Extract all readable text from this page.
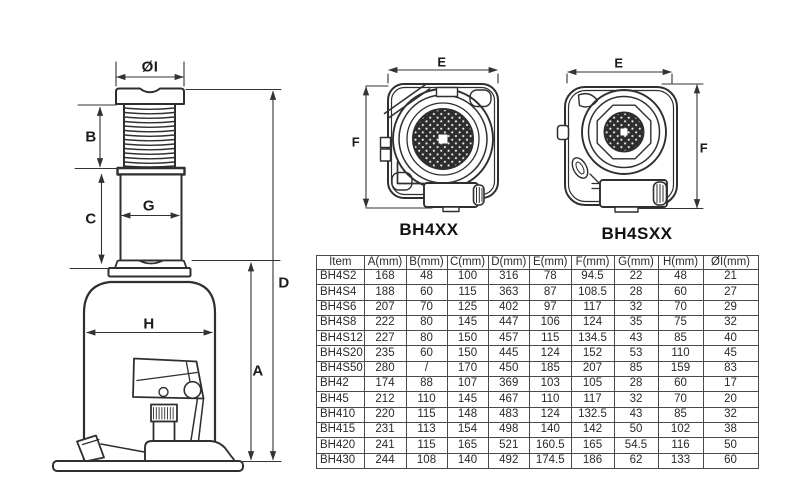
ØI
B
C
G
H
A
D
E
F
E
F
BH4XX	BH4SXX
Item	A(mm)	B(mm)	C(mm)	D(mm)	E(mm)	F(mm)	G(mm)	H(mm)	ØI(mm)
BH4S2	168	48	100	316	78	94.5	22	48	21
BH4S4	188	60	115	363	87	108.5	28	60	27
BH4S6	207	70	125	402	97	117	32	70	29
BH4S8	222	80	145	447	106	124	35	75	32
BH4S12	227	80	150	457	115	134.5	43	85	40
BH4S20	235	60	150	445	124	152	53	110	45
BH4S50	280	/	170	450	185	207	85	159	83
BH42	174	88	107	369	103	105	28	60	17
BH45	212	110	145	467	110	117	32	70	20
BH410	220	115	148	483	124	132.5	43	85	32
BH415	231	113	154	498	140	142	50	102	38
BH420	241	115	165	521	160.5	165	54.5	116	50
BH430	244	108	140	492	174.5	186	62	133	60
